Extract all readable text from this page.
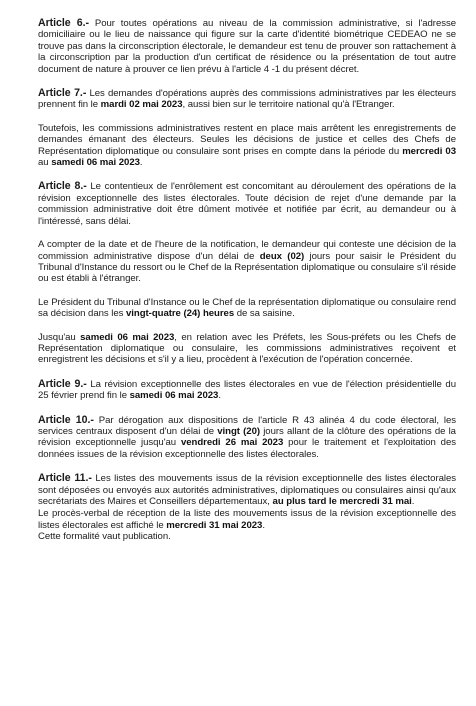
Article 6.- Pour toutes opérations au niveau de la commission administrative, si l'adresse domiciliaire ou le lieu de naissance qui figure sur la carte d'identité biométrique CEDEAO ne se trouve pas dans la circonscription électorale, le demandeur est tenu de prouver son rattachement à la circonscription par la production d'un certificat de résidence ou la présentation de tout autre document de nature à prouver ce lien prévu à l'article 4 -1 du présent décret.

Article 7.- Les demandes d'opérations auprès des commissions administratives par les électeurs prennent fin le mardi 02 mai 2023, aussi bien sur le territoire national qu'à l'Etranger.

Toutefois, les commissions administratives restent en place mais arrêtent les enregistrements de demandes émanant des électeurs. Seules les décisions de justice et celles des Chefs de Représentation diplomatique ou consulaire sont prises en compte dans la période du mercredi 03 au samedi 06 mai 2023.

Article 8.- Le contentieux de l'enrôlement est concomitant au déroulement des opérations de la révision exceptionnelle des listes électorales. Toute décision de rejet d'une demande par la commission administrative doit être dûment motivée et notifiée par écrit, au demandeur ou à l'intéressé, sans délai.

A compter de la date et de l'heure de la notification, le demandeur qui conteste une décision de la commission administrative dispose d'un délai de deux (02) jours pour saisir le Président du Tribunal d'Instance du ressort ou le Chef de la Représentation diplomatique ou consulaire s'il réside ou est établi à l'étranger.

Le Président du Tribunal d'Instance ou le Chef de la représentation diplomatique ou consulaire rend sa décision dans les vingt-quatre (24) heures de sa saisine.

Jusqu'au samedi 06 mai 2023, en relation avec les Préfets, les Sous-préfets ou les Chefs de Représentation diplomatique ou consulaire, les commissions administratives reçoivent et enregistrent les décisions et s'il y a lieu, procèdent à l'exécution de l'opération concernée.

Article 9.- La révision exceptionnelle des listes électorales en vue de l'élection présidentielle du 25 février prend fin le samedi 06 mai 2023.

Article 10.- Par dérogation aux dispositions de l'article R 43 alinéa 4 du code électoral, les services centraux disposent d'un délai de vingt (20) jours allant de la clôture des opérations de la révision exceptionnelle jusqu'au vendredi 26 mai 2023 pour le traitement et l'exploitation des données issues de la révision exceptionnelle des listes électorales.

Article 11.- Les listes des mouvements issus de la révision exceptionnelle des listes électorales sont déposées ou envoyés aux autorités administratives, diplomatiques ou consulaires ainsi qu'aux secrétariats des Maires et Conseillers départementaux, au plus tard le mercredi 31 mai.

Le procès-verbal de réception de la liste des mouvements issus de la révision exceptionnelle des listes électorales est affiché le mercredi 31 mai 2023.

Cette formalité vaut publication.
